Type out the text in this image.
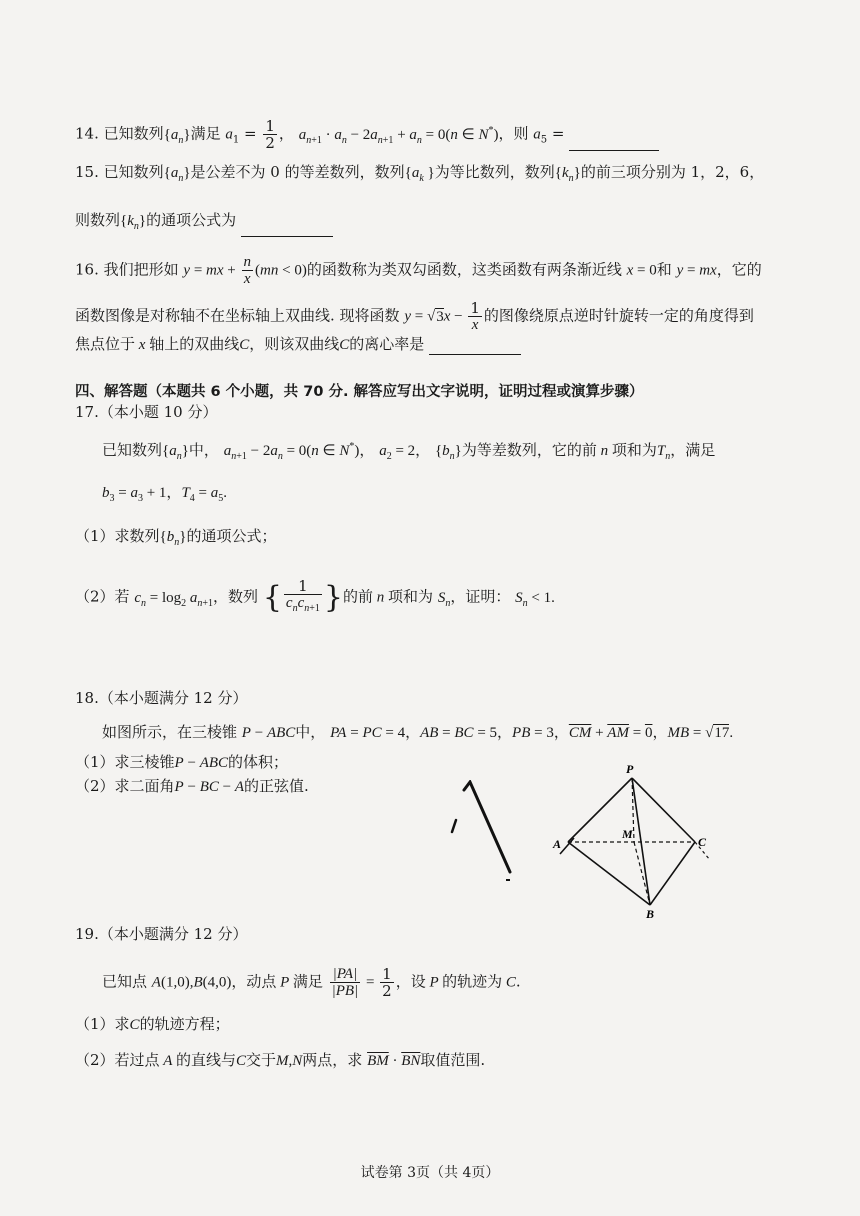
14. 已知数列$\{a_n\}$满足 $a_1 = \frac{1}{2}$ ， $a_{n+1} \cdot a_n - 2a_{n+1} + a_n = 0(n$ ∈ N*)，则 $a_5$ =
15. 已知数列$\{a_n\}$是公差不为 0 的等差数列，数列{$a_k$ }为等比数列，数列$\{k_n\}$的前三项分别为 1，2，6，
则数列$\{k_n\}$的通项公式为
16. 我们把形如 y = mx + $\frac{n}{x} (mn < 0)$的函数称为类双勾函数，这类函数有两条渐近线 x = 0和 y = mx，它的
函数图像是对称轴不在坐标轴上双曲线. 现将函数 $y = √3x - \frac{1}{x}$ 的图像绕原点逆时针旋转一定的角度得到
焦点位于 x 轴上的双曲线C，则该双曲线C的离心率是
四、解答题（本题共 6 个小题，共 70 分. 解答应写出文字说明，证明过程或演算步骤）
17.（本小题 10 分）
已知数列$\{a_n\}$中， $a_{n+1} - 2a_n = 0(n$ ∈ N*)， $a_2 = 2$， $\{b_n\}$为等差数列，它的前 n 项和为$T_n$，满足
$b_3 = a_3 + 1$，$T_4 = a_5$.
（1）求数列$\{b_n\}$的通项公式；
（2）若 $c_n = \log_2 a_{n+1}$，数列 { $\frac{1}{c_nc_{n+1}}$ }的前 n 项和为 $S_n$，证明： $S_n < 1$.
18.（本小题满分 12 分）
如图所示，在三棱锥 P − ABC中， PA = PC = 4，AB = BC = 5，PB = 3，$\overline{CM} + \overline{AM} = 0$，MB = √17.
（1）求三棱锥P − ABC的体积；
（2）求二面角P − BC − A的正弦值.
P
A	C
B
M
19.（本小题满分 12 分）
已知点 A(1,0),B(4,0)，动点 P 满足 $\frac{|PA|}{|PB|} = \frac{1}{2}$ ，设 P 的轨迹为 C.
（1）求C的轨迹方程；
（2）若过点 A 的直线与C交于M,N两点，求 $\overline{BM} \cdot \overline{BN}$取值范围.
试卷第 3页（共 4页）
